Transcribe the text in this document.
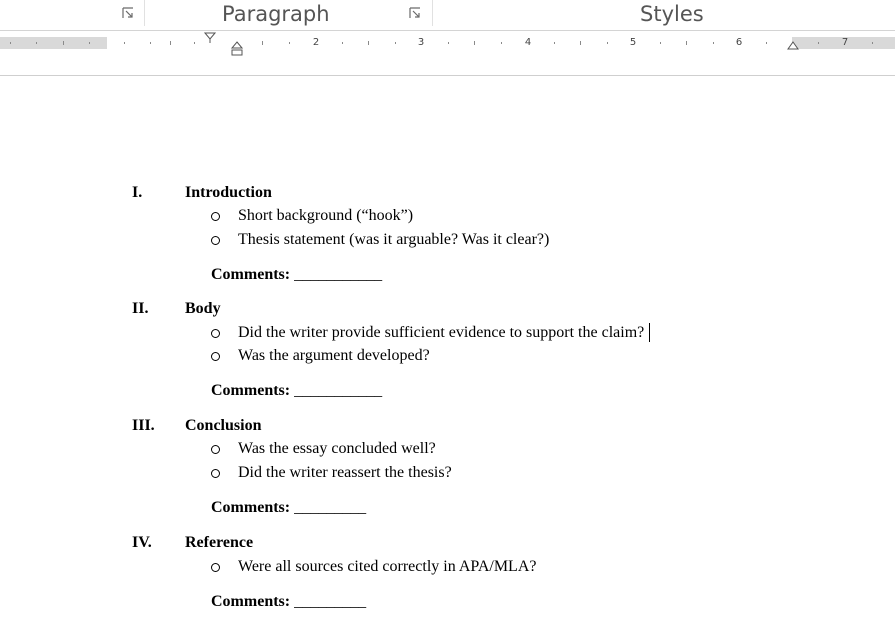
Paragraph	Styles
2	3	4	5	6	7
I.	Introduction
Short background (“hook”)
Thesis statement (was it arguable? Was it clear?)
Comments: ___________
II. Body
Did the writer provide sufficient evidence to support the claim?
Was the argument developed?
Comments: ___________
III. Conclusion
Was the essay concluded well?
Did the writer reassert the thesis?
Comments: _________
IV. Reference
Were all sources cited correctly in APA/MLA?
Comments: _________
